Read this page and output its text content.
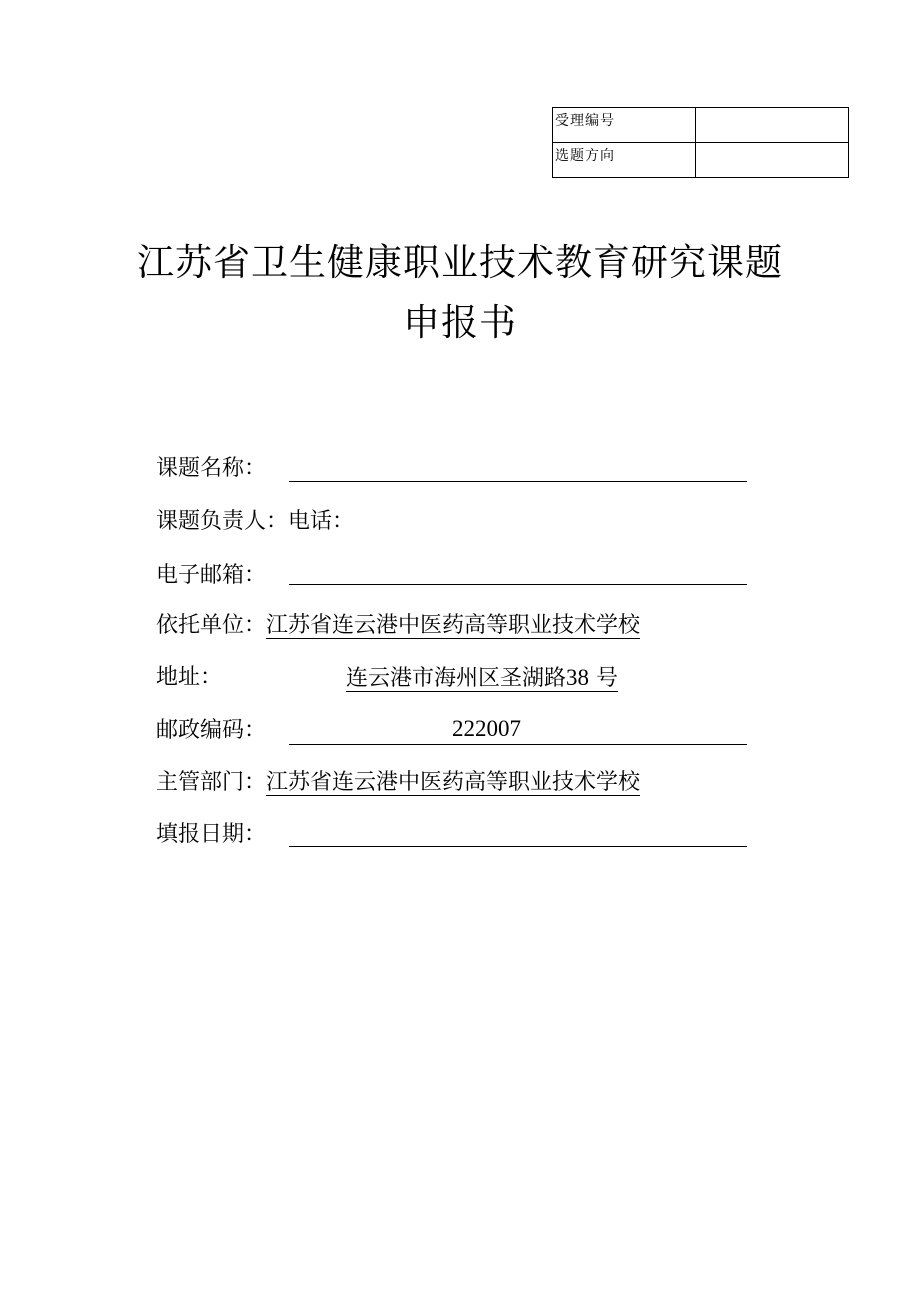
受理编号	
选题方向	
江苏省卫生健康职业技术教育研究课题
申报书
课题名称：
课题负责人：电话：
电子邮箱：
依托单位：江苏省连云港中医药高等职业技术学校
地址：	连云港市海州区圣湖路38 号
邮政编码：	222007
主管部门：江苏省连云港中医药高等职业技术学校
填报日期：
